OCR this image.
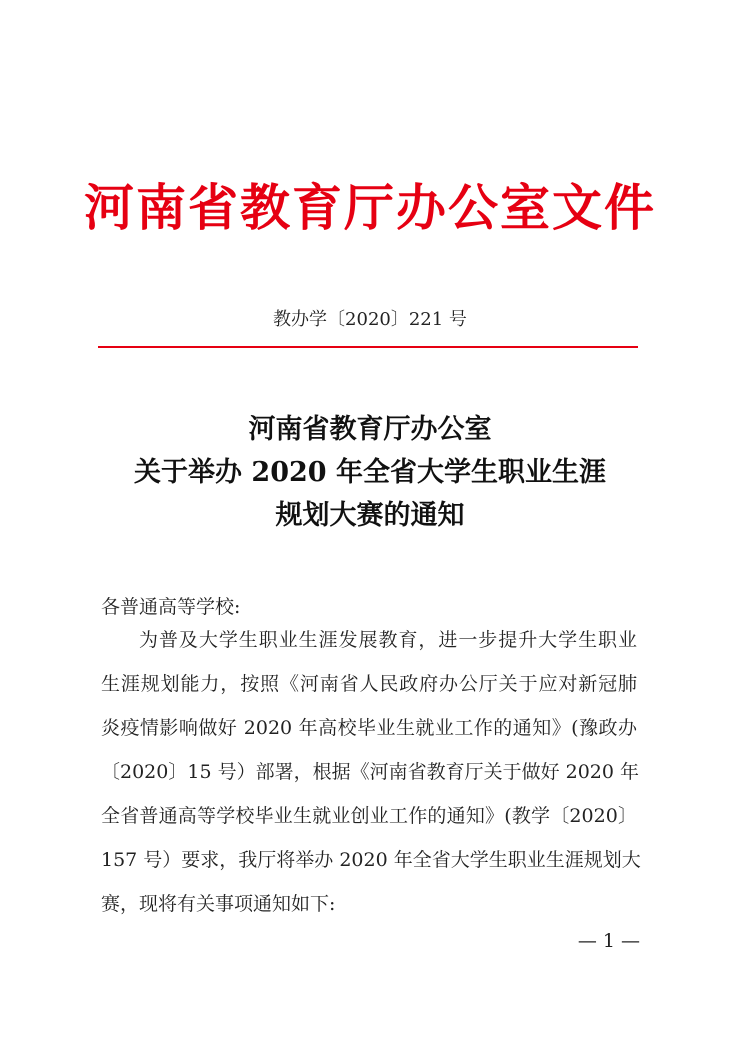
河南省教育厅办公室文件
教办学〔2020〕221 号
河南省教育厅办公室
关于举办 2020 年全省大学生职业生涯
规划大赛的通知
各普通高等学校:
为普及大学生职业生涯发展教育，进一步提升大学生职业
生涯规划能力，按照《河南省人民政府办公厅关于应对新冠肺
炎疫情影响做好 2020 年高校毕业生就业工作的通知》(豫政办
〔2020〕15 号）部署，根据《河南省教育厅关于做好 2020 年
全省普通高等学校毕业生就业创业工作的通知》(教学〔2020〕
157 号）要求，我厅将举办 2020 年全省大学生职业生涯规划大
赛，现将有关事项通知如下:
— 1 —
